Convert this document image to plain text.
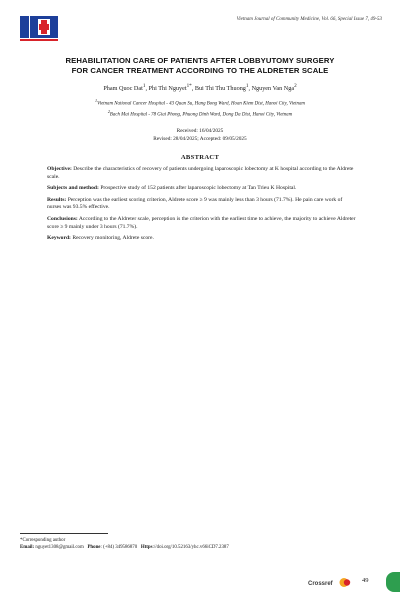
Vietnam Journal of Community Medicine, Vol. 66, Special Issue 7, 49-53
REHABILITATION CARE OF PATIENTS AFTER LOBBYUTOMY SURGERY
FOR CANCER TREATMENT ACCORDING TO THE ALDRETER SCALE
Pham Quoc Dat$^1$, Phi Thi Nguyet$^{1*}$, Bui Thi Thu Thuong$^1$, Nguyen Van Nga$^2$
$^1$Vietnam National Cancer Hospital - 43 Quan Su, Hang Bong Ward, Hoan Kiem Dist, Hanoi City, Vietnam
$^2$Bach Mai Hospital - 78 Giai Phong, Phuong Dinh Ward, Dong Da Dist, Hanoi City, Vietnam
Received: 16/04/2025
Revised: 28/04/2025; Accepted: 09/05/2025
ABSTRACT

Objective: Describe the characteristics of recovery of patients undergoing laparoscopic lobectomy at K hospital according to the Aldrete scale.

Subjects and method: Prospective study of 152 patients after laparoscopic lobectomy at Tan Trieu K Hospital.

Results: Perception was the earliest scoring criterion, Aldrete score ≥ 9 was mainly less than 3 hours (71.7%). He pain care work of nurses was 93.5% effective.

Conclusions: According to the Aldreter scale, perception is the criterion with the earliest time to achieve, the majority to achieve Aldreter score ≥ 9 mainly under 3 hours (71.7%).

Keyword: Recovery monitoring, Aldrete score.

*Corresponding author
Email: nguyet1308@gmail.com Phone: (+84) 349586870 Https://doi.org/10.52163/yhc.v66iCD7.2387
Crossref	49
